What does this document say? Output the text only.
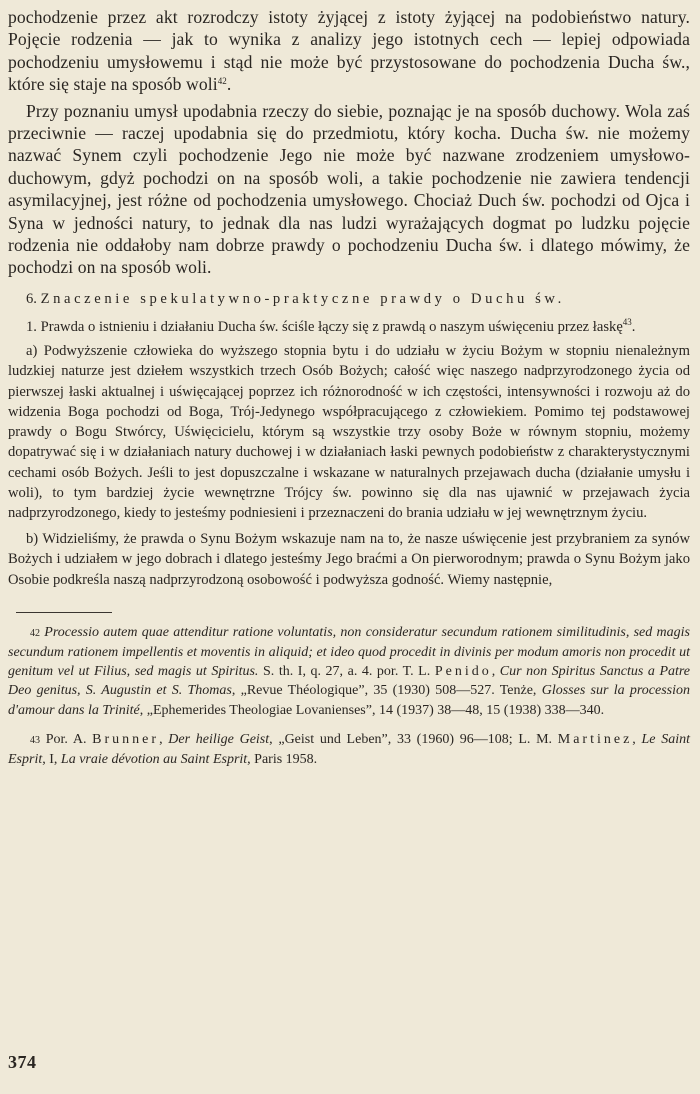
pochodzenie przez akt rozrodczy istoty żyjącej z istoty żyjącej na podobieństwo natury. Pojęcie rodzenia — jak to wynika z analizy jego istotnych cech — lepiej odpowiada pochodzeniu umysłowemu i stąd nie może być przystosowane do pochodzenia Ducha św., które się staje na sposób woli$^{42}$.

Przy poznaniu umysł upodabnia rzeczy do siebie, poznając je na sposób duchowy. Wola zaś przeciwnie — raczej upodabnia się do przedmiotu, który kocha. Ducha św. nie możemy nazwać Synem czyli pochodzenie Jego nie może być nazwane zrodzeniem umysłowo-duchowym, gdyż pochodzi on na sposób woli, a takie pochodzenie nie zawiera tendencji asymilacyjnej, jest różne od pochodzenia umysłowego. Chociaż Duch św. pochodzi od Ojca i Syna w jedności natury, to jednak dla nas ludzi wyrażających dogmat po ludzku pojęcie rodzenia nie oddałoby nam dobrze prawdy o pochodzeniu Ducha św. i dlatego mówimy, że pochodzi on na sposób woli.

6. Znaczenie spekulatywno-praktyczne prawdy o Duchu św.

1. Prawda o istnieniu i działaniu Ducha św. ściśle łączy się z prawdą o naszym uświęceniu przez łaskę$^{43}$.

a) Podwyższenie człowieka do wyższego stopnia bytu i do udziału w życiu Bożym w stopniu nienależnym ludzkiej naturze jest dziełem wszystkich trzech Osób Bożych; całość więc naszego nadprzyrodzonego życia od pierwszej łaski aktualnej i uświęcającej poprzez ich różnorodność w ich częstości, intensywności i rozwoju aż do widzenia Boga pochodzi od Boga, Trój-Jedynego współpracującego z człowiekiem. Pomimo tej podstawowej prawdy o Bogu Stwórcy, Uświęcicielu, którym są wszystkie trzy osoby Boże w równym stopniu, możemy dopatrywać się i w działaniach natury duchowej i w działaniach łaski pewnych podobieństw z charakterystycznymi cechami osób Bożych. Jeśli to jest dopuszczalne i wskazane w naturalnych przejawach ducha (działanie umysłu i woli), to tym bardziej życie wewnętrzne Trójcy św. powinno się dla nas ujawnić w przejawach życia nadprzyrodzonego, kiedy to jesteśmy podniesieni i przeznaczeni do brania udziału w jej wewnętrznym życiu.

b) Widzieliśmy, że prawda o Synu Bożym wskazuje nam na to, że nasze uświęcenie jest przybraniem za synów Bożych i udziałem w jego dobrach i dlatego jesteśmy Jego braćmi a On pierworodnym; prawda o Synu Bożym jako Osobie podkreśla naszą nadprzyrodzoną osobowość i podwyższa godność. Wiemy następnie,

42 Processio autem quae attenditur ratione voluntatis, non consideratur secundum rationem similitudinis, sed magis secundum rationem impellentis et moventis in aliquid; et ideo quod procedit in divinis per modum amoris non procedit ut genitum vel ut Filius, sed magis ut Spiritus. S. th. I, q. 27, a. 4. por. T. L. Penido, Cur non Spiritus Sanctus a Patre Deo genitus, S. Augustin et S. Thomas, „Revue Théologique”, 35 (1930) 508—527. Tenże, Glosses sur la procession d'amour dans la Trinité, „Ephemerides Theologiae Lovanienses”, 14 (1937) 38—48, 15 (1938) 338—340.

43 Por. A. Brunner, Der heilige Geist, „Geist und Leben”, 33 (1960) 96—108; L. M. Martinez, Le Saint Esprit, I, La vraie dévotion au Saint Esprit, Paris 1958.

374
